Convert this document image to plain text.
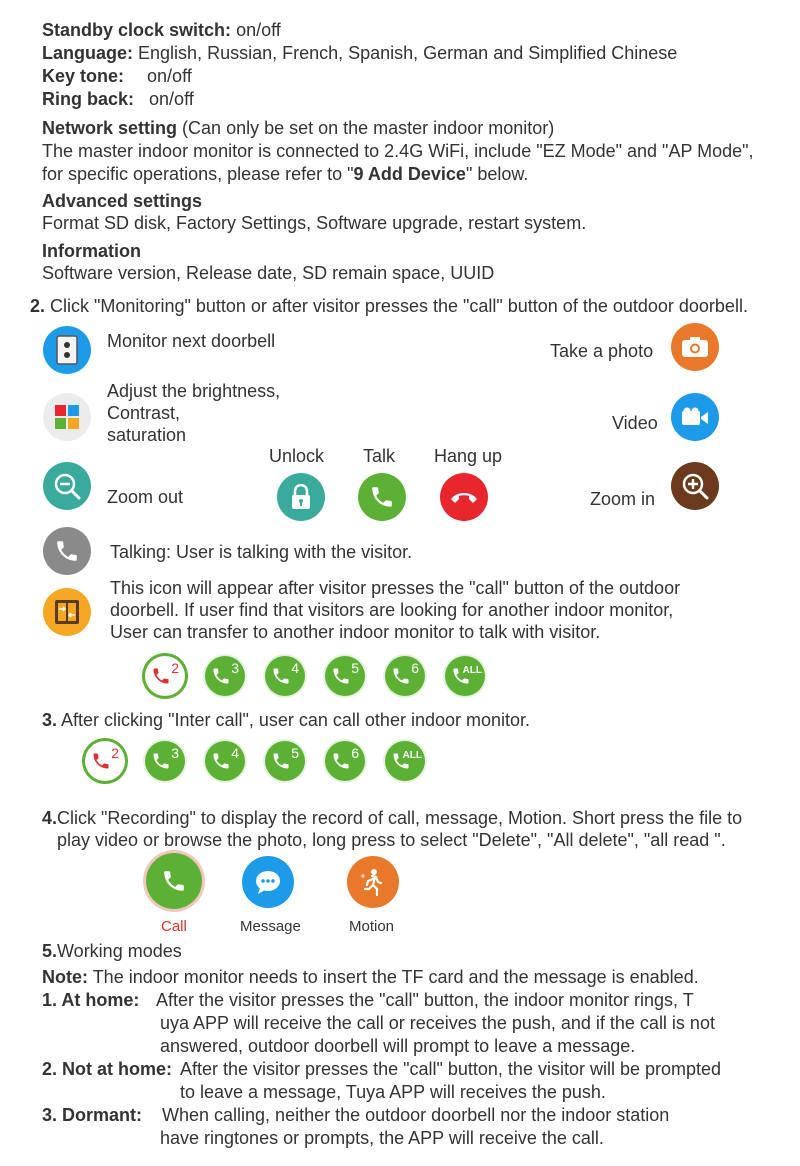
Standby clock switch: on/off
Language: English, Russian, French, Spanish, German and Simplified Chinese
Key tone: on/off
Ring back: on/off
Network setting (Can only be set on the master indoor monitor)
The master indoor monitor is connected to 2.4G WiFi, include "EZ Mode" and "AP Mode",
for specific operations, please refer to "9 Add Device" below.
Advanced settings
Format SD disk, Factory Settings, Software upgrade, restart system.
Information
Software version, Release date, SD remain space, UUID
2. Click "Monitoring" button or after visitor presses the "call" button of the outdoor doorbell.
Monitor next doorbell
Adjust the brightness,
Contrast,
saturation
Zoom out
Unlock Talk Hang up
Take a photo
Video
Zoom in
Talking: User is talking with the visitor.
This icon will appear after visitor presses the "call" button of the outdoor
doorbell. If user find that visitors are looking for another indoor monitor,
User can transfer to another indoor monitor to talk with visitor.
2	3	4	5	6	ALL
3. After clicking "Inter call", user can call other indoor monitor.
2	3	4	5	6	ALL
4.Click "Recording" to display the record of call, message, Motion. Short press the file to
play video or browse the photo, long press to select "Delete", "All delete", "all read ".
Call	Message	Motion
5.Working modes
Note: The indoor monitor needs to insert the TF card and the message is enabled.
1. At home: After the visitor presses the "call" button, the indoor monitor rings, T
uya APP will receive the call or receives the push, and if the call is not
answered, outdoor doorbell will prompt to leave a message.
2. Not at home: After the visitor presses the "call" button, the visitor will be prompted
to leave a message, Tuya APP will receives the push.
3. Dormant: When calling, neither the outdoor doorbell nor the indoor station
have ringtones or prompts, the APP will receive the call.
